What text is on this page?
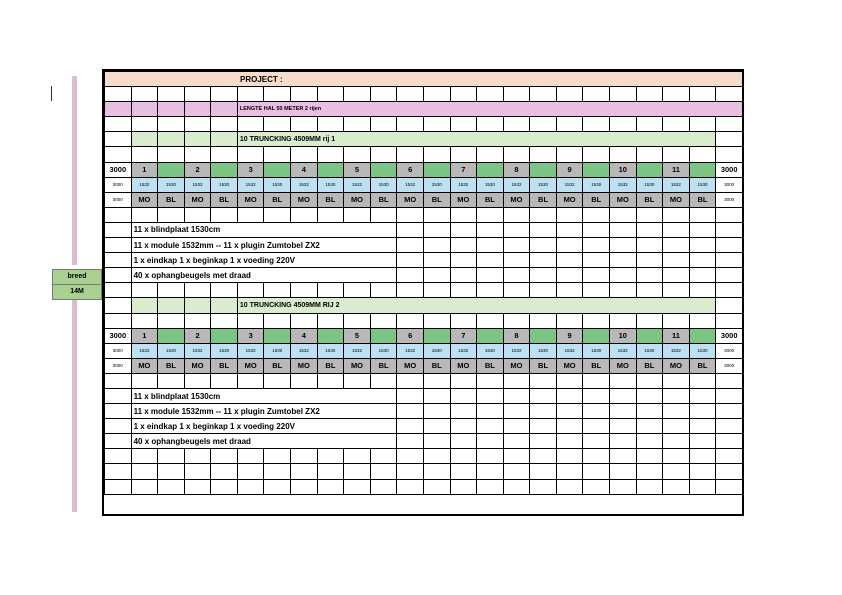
breed
14M
PROJECT :																							

					LENGTE HAL 50 METER 2 rijen																		

					10 TRUNCKING 4509MM rij 1																		

3000	1		2		3		4		5		6		7		8		9		10		11		3000
3000	1532	1530	1532	1530	1532	1530	1532	1530	1532	1530	1532	1530	1532	1530	1532	1530	1532	1530	1532	1530	1532	1530	3000
3000	MO	BL	MO	BL	MO	BL	MO	BL	MO	BL	MO	BL	MO	BL	MO	BL	MO	BL	MO	BL	MO	BL	3000

	11 x blindplaat 1530cm																						
	11 x module 1532mm -- 11 x plugin Zumtobel ZX2																						
	1 x eindkap 1 x beginkap 1 x voeding 220V																						
	40 x ophangbeugels met draad																						

					10 TRUNCKING 4509MM RIJ 2																		

3000	1		2		3		4		5		6		7		8		9		10		11		3000
3000	1532	1530	1532	1530	1532	1530	1532	1530	1532	1530	1532	1530	1532	1530	1532	1530	1532	1530	1532	1530	1532	1530	3000
3000	MO	BL	MO	BL	MO	BL	MO	BL	MO	BL	MO	BL	MO	BL	MO	BL	MO	BL	MO	BL	MO	BL	3000

	11 x blindplaat 1530cm																						
	11 x module 1532mm -- 11 x plugin Zumtobel ZX2																						
	1 x eindkap 1 x beginkap 1 x voeding 220V																						
	40 x ophangbeugels met draad																						
